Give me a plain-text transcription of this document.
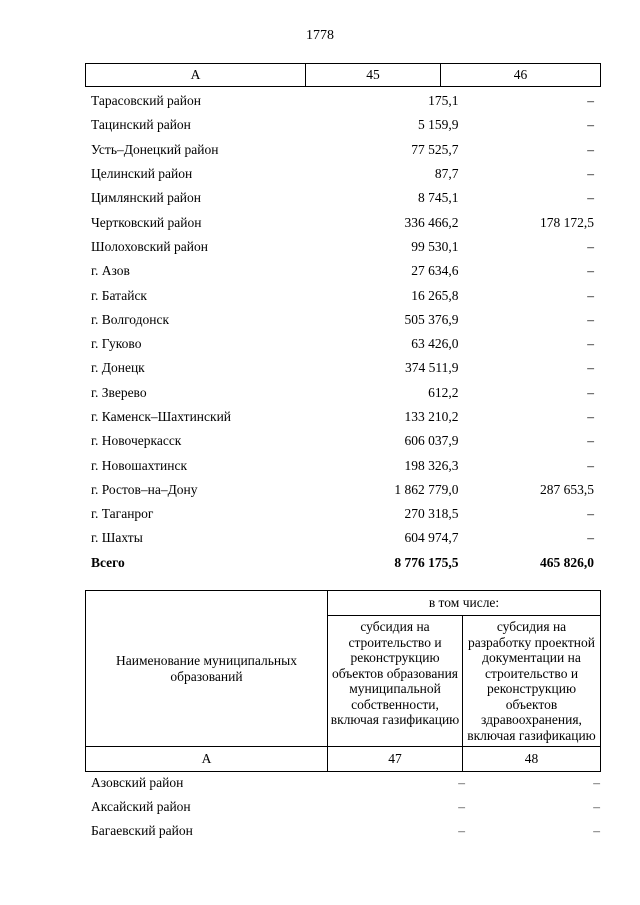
1778
А	45	46
Тарасовский район	175,1	–
Тацинский район	5 159,9	–
Усть–Донецкий район	77 525,7	–
Целинский район	87,7	–
Цимлянский район	8 745,1	–
Чертковский район	336 466,2	178 172,5
Шолоховский район	99 530,1	–
г. Азов	27 634,6	–
г. Батайск	16 265,8	–
г. Волгодонск	505 376,9	–
г. Гуково	63 426,0	–
г. Донецк	374 511,9	–
г. Зверево	612,2	–
г. Каменск–Шахтинский	133 210,2	–
г. Новочеркасск	606 037,9	–
г. Новошахтинск	198 326,3	–
г. Ростов–на–Дону	1 862 779,0	287 653,5
г. Таганрог	270 318,5	–
г. Шахты	604 974,7	–
Всего	8 776 175,5	465 826,0
Наименование муниципальных образований	в том числе:	
	субсидия на строительство и реконструкцию объектов образования муниципальной собственности, включая газификацию	субсидия на разработку проектной документации на строительство и реконструкцию объектов здравоохранения, включая газификацию
А	47	48
Азовский район	–	–
Аксайский район	–	–
Багаевский район	–	–
